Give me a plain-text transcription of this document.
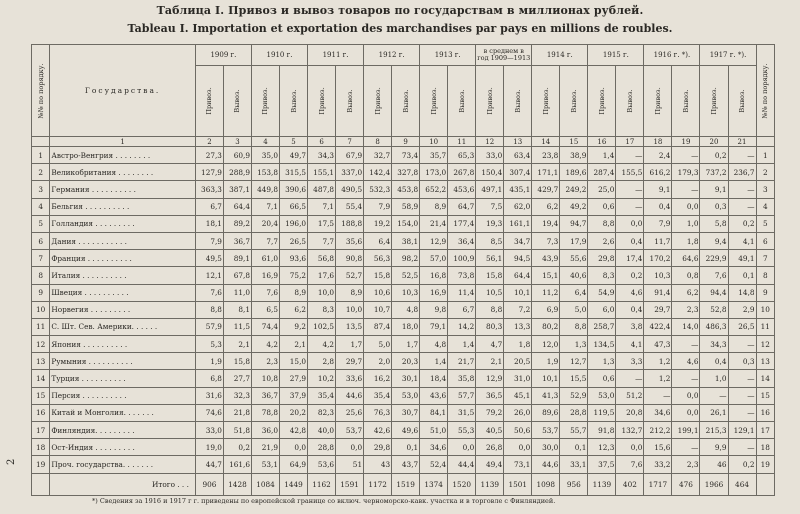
Таблица I. Привоз и вывоз товаров по государствам в миллионах рублей.
Tableau I. Importation et exportation des marchandises par pays en millions de roubles.
2
№№ по порядку.	Государства.	1909 г.		1910 г.		1911 г.		1912 г.		1913 г.		в среднем в год 1909—1913		1914 г.		1915 г.		1916 г. *).		1917 г. *).		№№ по порядку.

		Привоз.	Вывоз.	Привоз.	Вывоз.	Привоз.	Вывоз.	Привоз.	Вывоз.	Привоз.	Вывоз.	Привоз.	Вывоз.	Привоз.	Вывоз.	Привоз.	Вывоз.	Привоз.	Вывоз.	Привоз.	Вывоз.	

	1	2	3	4	5	6	7	8	9	10	11	12	13	14	15	16	17	18	19	20	21	
1	Австро-Венгрия . . . . . . . .	27,3	60,9	35,0	49,7	34,3	67,9	32,7	73,4	35,7	65,3	33,0	63,4	23,8	38,9	1,4	—	2,4	—	0,2	—	1
2	Великобритания . . . . . . . .	127,9	288,9	153,8	315,5	155,1	337,0	142,4	327,8	173,0	267,8	150,4	307,4	171,1	189,6	287,4	155,5	616,2	179,3	737,2	236,7	2
3	Германия . . . . . . . . . .	363,3	387,1	449,8	390,6	487,8	490,5	532,3	453,8	652,2	453,6	497,1	435,1	429,7	249,2	25,0	—	9,1	—	9,1	—	3
4	Бельгия . . . . . . . . . .	6,7	64,4	7,1	66,5	7,1	55,4	7,9	58,9	8,9	64,7	7,5	62,0	6,2	49,2	0,6	—	0,4	0,0	0,3	—	4
5	Голландия . . . . . . . . .	18,1	89,2	20,4	196,0	17,5	188,8	19,2	154,0	21,4	177,4	19,3	161,1	19,4	94,7	8,8	0,0	7,9	1,0	5,8	0,2	5
6	Дания . . . . . . . . . . .	7,9	36,7	7,7	26,5	7,7	35,6	6,4	38,1	12,9	36,4	8,5	34,7	7,3	17,9	2,6	0,4	11,7	1,8	9,4	4,1	6
7	Франция . . . . . . . . . .	49,5	89,1	61,0	93,6	56,8	90,8	56,3	98,2	57,0	100,9	56,1	94,5	43,9	55,6	29,8	17,4	170,2	64,6	229,9	49,1	7
8	Италия . . . . . . . . . .	12,1	67,8	16,9	75,2	17,6	52,7	15,8	52,5	16,8	73,8	15,8	64,4	15,1	40,6	8,3	0,2	10,3	0,8	7,6	0,1	8
9	Швеция . . . . . . . . . .	7,6	11,0	7,6	8,9	10,0	8,9	10,6	10,3	16,9	11,4	10,5	10,1	11,2	6,4	54,9	4,6	91,4	6,2	94,4	14,8	9
10	Норвегия . . . . . . . . .	8,8	8,1	6,5	6,2	8,3	10,0	10,7	4,8	9,8	6,7	8,8	7,2	6,9	5,0	6,0	0,4	29,7	2,3	52,8	2,9	10
11	С. Шт. Сев. Америки. . . . . .	57,9	11,5	74,4	9,2	102,5	13,5	87,4	18,0	79,1	14,2	80,3	13,3	80,2	8,8	258,7	3,8	422,4	14,0	486,3	26,5	11
12	Япония . . . . . . . . . .	5,3	2,1	4,2	2,1	4,2	1,7	5,0	1,7	4,8	1,4	4,7	1,8	12,0	1,3	134,5	4,1	47,3	—	34,3	—	12
13	Румыния . . . . . . . . . .	1,9	15,8	2,3	15,0	2,8	29,7	2,0	20,3	1,4	21,7	2,1	20,5	1,9	12,7	1,3	3,3	1,2	4,6	0,4	0,3	13
14	Турция . . . . . . . . . .	6,8	27,7	10,8	27,9	10,2	33,6	16,2	30,1	18,4	35,8	12,9	31,0	10,1	15,5	0,6	—	1,2	—	1,0	—	14
15	Персия . . . . . . . . . .	31,6	32,3	36,7	37,9	35,4	44,6	35,4	53,0	43,6	57,7	36,5	45,1	41,3	52,9	53,0	51,2	—	0,0	—	—	15
16	Китай и Монголия. . . . . . .	74,6	21,8	78,8	20,2	82,3	25,6	76,3	30,7	84,1	31,5	79,2	26,0	89,6	28,8	119,5	20,8	34,6	0,0	26,1	—	16
17	Финляндия. . . . . . . . .	33,0	51,8	36,0	42,8	40,0	53,7	42,6	49,6	51,0	55,3	40,5	50,6	53,7	55,7	91,8	132,7	212,2	199,1	215,3	129,1	17
18	Ост-Индия . . . . . . . . .	19,0	0,2	21,9	0,0	28,8	0,0	29,8	0,1	34,6	0,0	26,8	0,0	30,0	0,1	12,3	0,0	15,6	—	9,9	—	18
19	Проч. государства. . . . . . .	44,7	161,6	53,1	64,9	53,6	51	43	43,7	52,4	44,4	49,4	73,1	44,6	33,1	37,5	7,6	33,2	2,3	46	0,2	19
	Итого . . .	906	1428	1084	1449	1162	1591	1172	1519	1374	1520	1139	1501	1098	956	1139	402	1717	476	1966	464	
*) Сведения за 1916 и 1917 г г. приведены по европейской границе со включ. черноморско-кавк. участка и в торговле с Финляндией.
